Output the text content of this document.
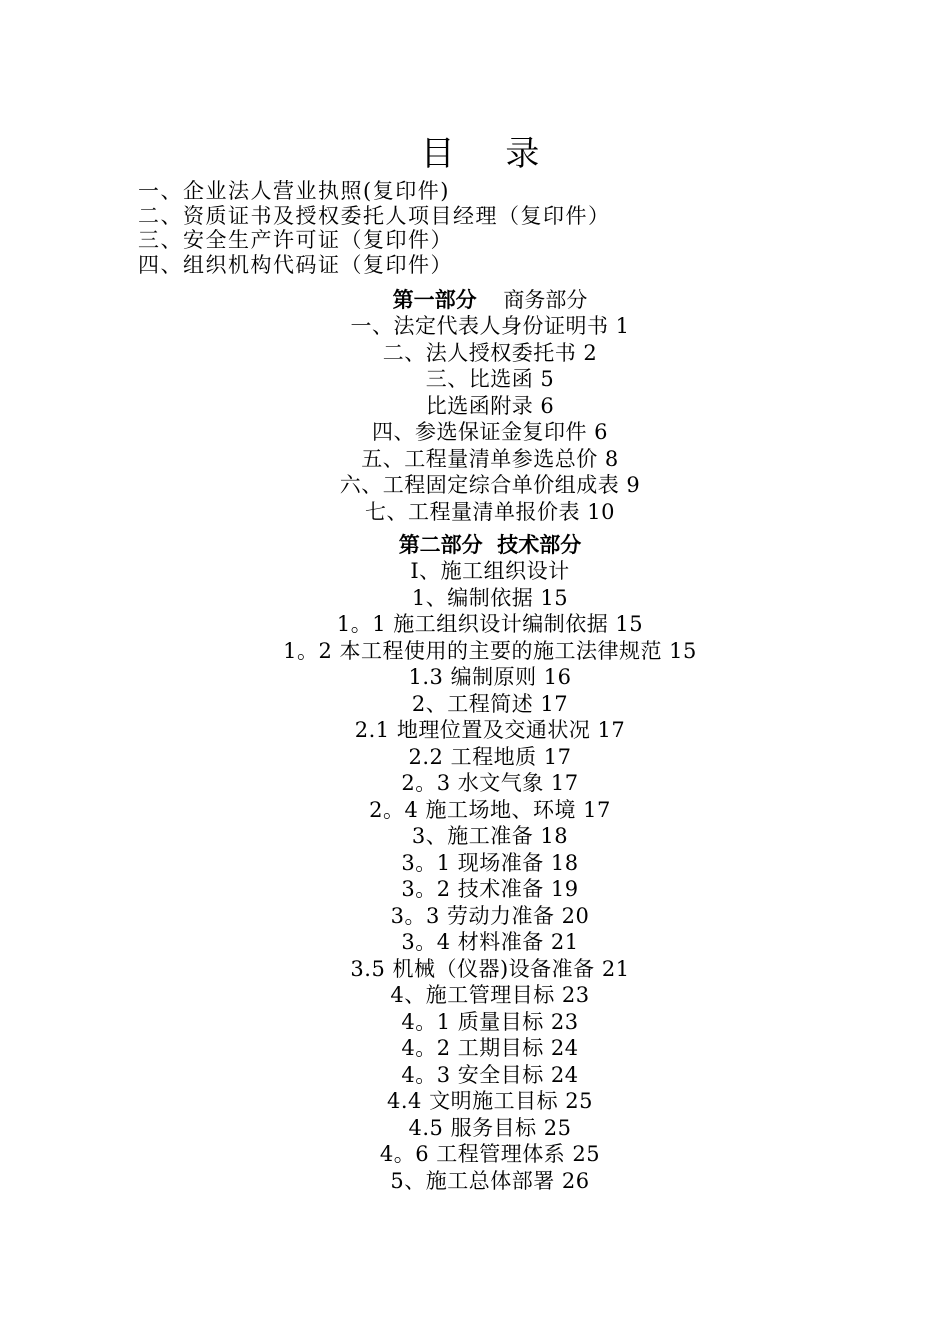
目 录
一、企业法人营业执照(复印件)
二、资质证书及授权委托人项目经理（复印件）
三、安全生产许可证（复印件）
四、组织机构代码证（复印件）
第一部分 商务部分
一、法定代表人身份证明书 1
二、法人授权委托书 2
三、比选函 5
比选函附录 6
四、参选保证金复印件 6
五、工程量清单参选总价 8
六、工程固定综合单价组成表 9
七、工程量清单报价表 10
第二部分  技术部分
Ⅰ、施工组织设计
1、编制依据 15
1。1 施工组织设计编制依据 15
1。2 本工程使用的主要的施工法律规范 15
1.3 编制原则 16
2、工程简述 17
2.1 地理位置及交通状况 17
2.2 工程地质 17
2。3 水文气象 17
2。4 施工场地、环境 17
3、施工准备 18
3。1 现场准备 18
3。2 技术准备 19
3。3 劳动力准备 20
3。4 材料准备 21
3.5 机械（仪器)设备准备 21
4、施工管理目标 23
4。1 质量目标 23
4。2 工期目标 24
4。3 安全目标 24
4.4 文明施工目标 25
4.5 服务目标 25
4。6 工程管理体系 25
5、施工总体部署 26
